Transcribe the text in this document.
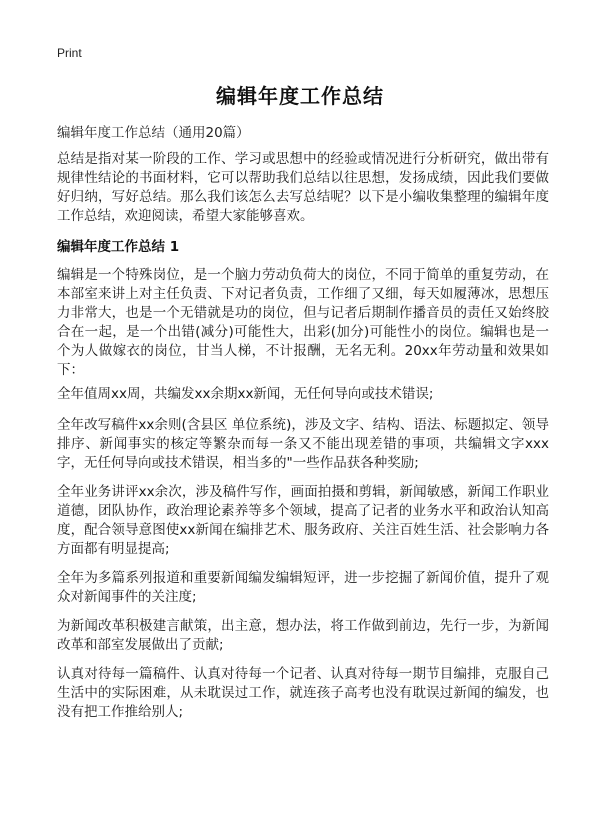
Print
编辑年度工作总结
编辑年度工作总结（通用20篇）
总结是指对某一阶段的工作、学习或思想中的经验或情况进行分析研究，做出带有规律性结论的书面材料，它可以帮助我们总结以往思想，发扬成绩，因此我们要做好归纳，写好总结。那么我们该怎么去写总结呢？以下是小编收集整理的编辑年度工作总结，欢迎阅读，希望大家能够喜欢。
编辑年度工作总结 1
编辑是一个特殊岗位，是一个脑力劳动负荷大的岗位，不同于简单的重复劳动，在本部室来讲上对主任负责、下对记者负责，工作细了又细，每天如履薄冰，思想压力非常大，也是一个无错就是功的岗位，但与记者后期制作播音员的责任又始终胶合在一起，是一个出错(减分)可能性大，出彩(加分)可能性小的岗位。编辑也是一个为人做嫁衣的岗位，甘当人梯，不计报酬，无名无利。20xx年劳动量和效果如下：
全年值周xx周，共编发xx余期xx新闻，无任何导向或技术错误;
全年改写稿件xx余则(含县区 单位系统)，涉及文字、结构、语法、标题拟定、领导排序、新闻事实的核定等繁杂而每一条又不能出现差错的事项，共编辑文字xxx字，无任何导向或技术错误，相当多的"一些作品获各种奖励;
全年业务讲评xx余次，涉及稿件写作，画面拍摄和剪辑，新闻敏感，新闻工作职业道德，团队协作，政治理论素养等多个领域，提高了记者的业务水平和政治认知高度，配合领导意图使xx新闻在编排艺术、服务政府、关注百姓生活、社会影响力各方面都有明显提高;
全年为多篇系列报道和重要新闻编发编辑短评，进一步挖掘了新闻价值，提升了观众对新闻事件的关注度;
为新闻改革积极建言献策，出主意，想办法，将工作做到前边，先行一步，为新闻改革和部室发展做出了贡献;
认真对待每一篇稿件、认真对待每一个记者、认真对待每一期节目编排，克服自己生活中的实际困难，从未耽误过工作，就连孩子高考也没有耽误过新闻的编发，也没有把工作推给别人;
